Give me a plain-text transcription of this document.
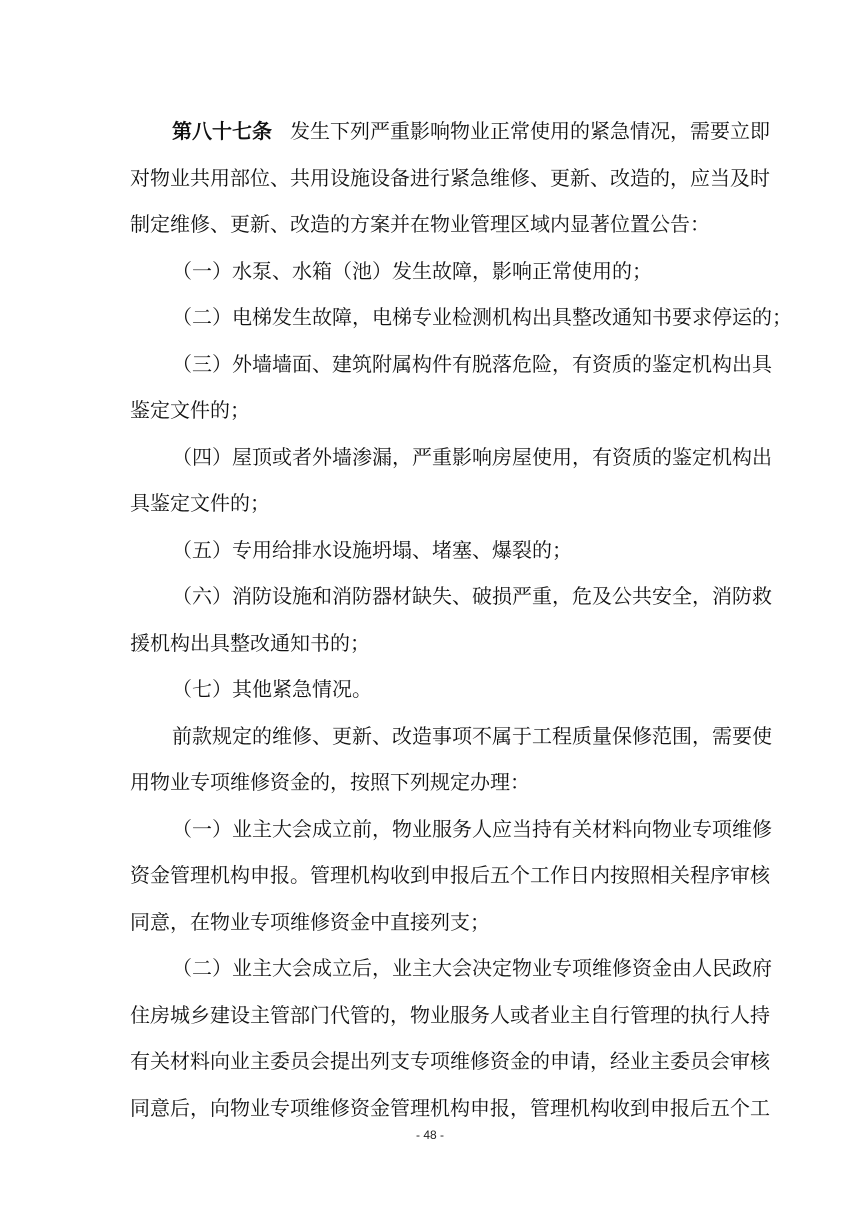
第八十七条 发生下列严重影响物业正常使用的紧急情况，需要立即
对物业共用部位、共用设施设备进行紧急维修、更新、改造的，应当及时
制定维修、更新、改造的方案并在物业管理区域内显著位置公告：
（一）水泵、水箱（池）发生故障，影响正常使用的；
（二）电梯发生故障，电梯专业检测机构出具整改通知书要求停运的；
（三）外墙墙面、建筑附属构件有脱落危险，有资质的鉴定机构出具
鉴定文件的；
（四）屋顶或者外墙渗漏，严重影响房屋使用，有资质的鉴定机构出
具鉴定文件的；
（五）专用给排水设施坍塌、堵塞、爆裂的；
（六）消防设施和消防器材缺失、破损严重，危及公共安全，消防救
援机构出具整改通知书的；
（七）其他紧急情况。
前款规定的维修、更新、改造事项不属于工程质量保修范围，需要使
用物业专项维修资金的，按照下列规定办理：
（一）业主大会成立前，物业服务人应当持有关材料向物业专项维修
资金管理机构申报。管理机构收到申报后五个工作日内按照相关程序审核
同意，在物业专项维修资金中直接列支；
（二）业主大会成立后，业主大会决定物业专项维修资金由人民政府
住房城乡建设主管部门代管的，物业服务人或者业主自行管理的执行人持
有关材料向业主委员会提出列支专项维修资金的申请，经业主委员会审核
同意后，向物业专项维修资金管理机构申报，管理机构收到申报后五个工
- 48 -
